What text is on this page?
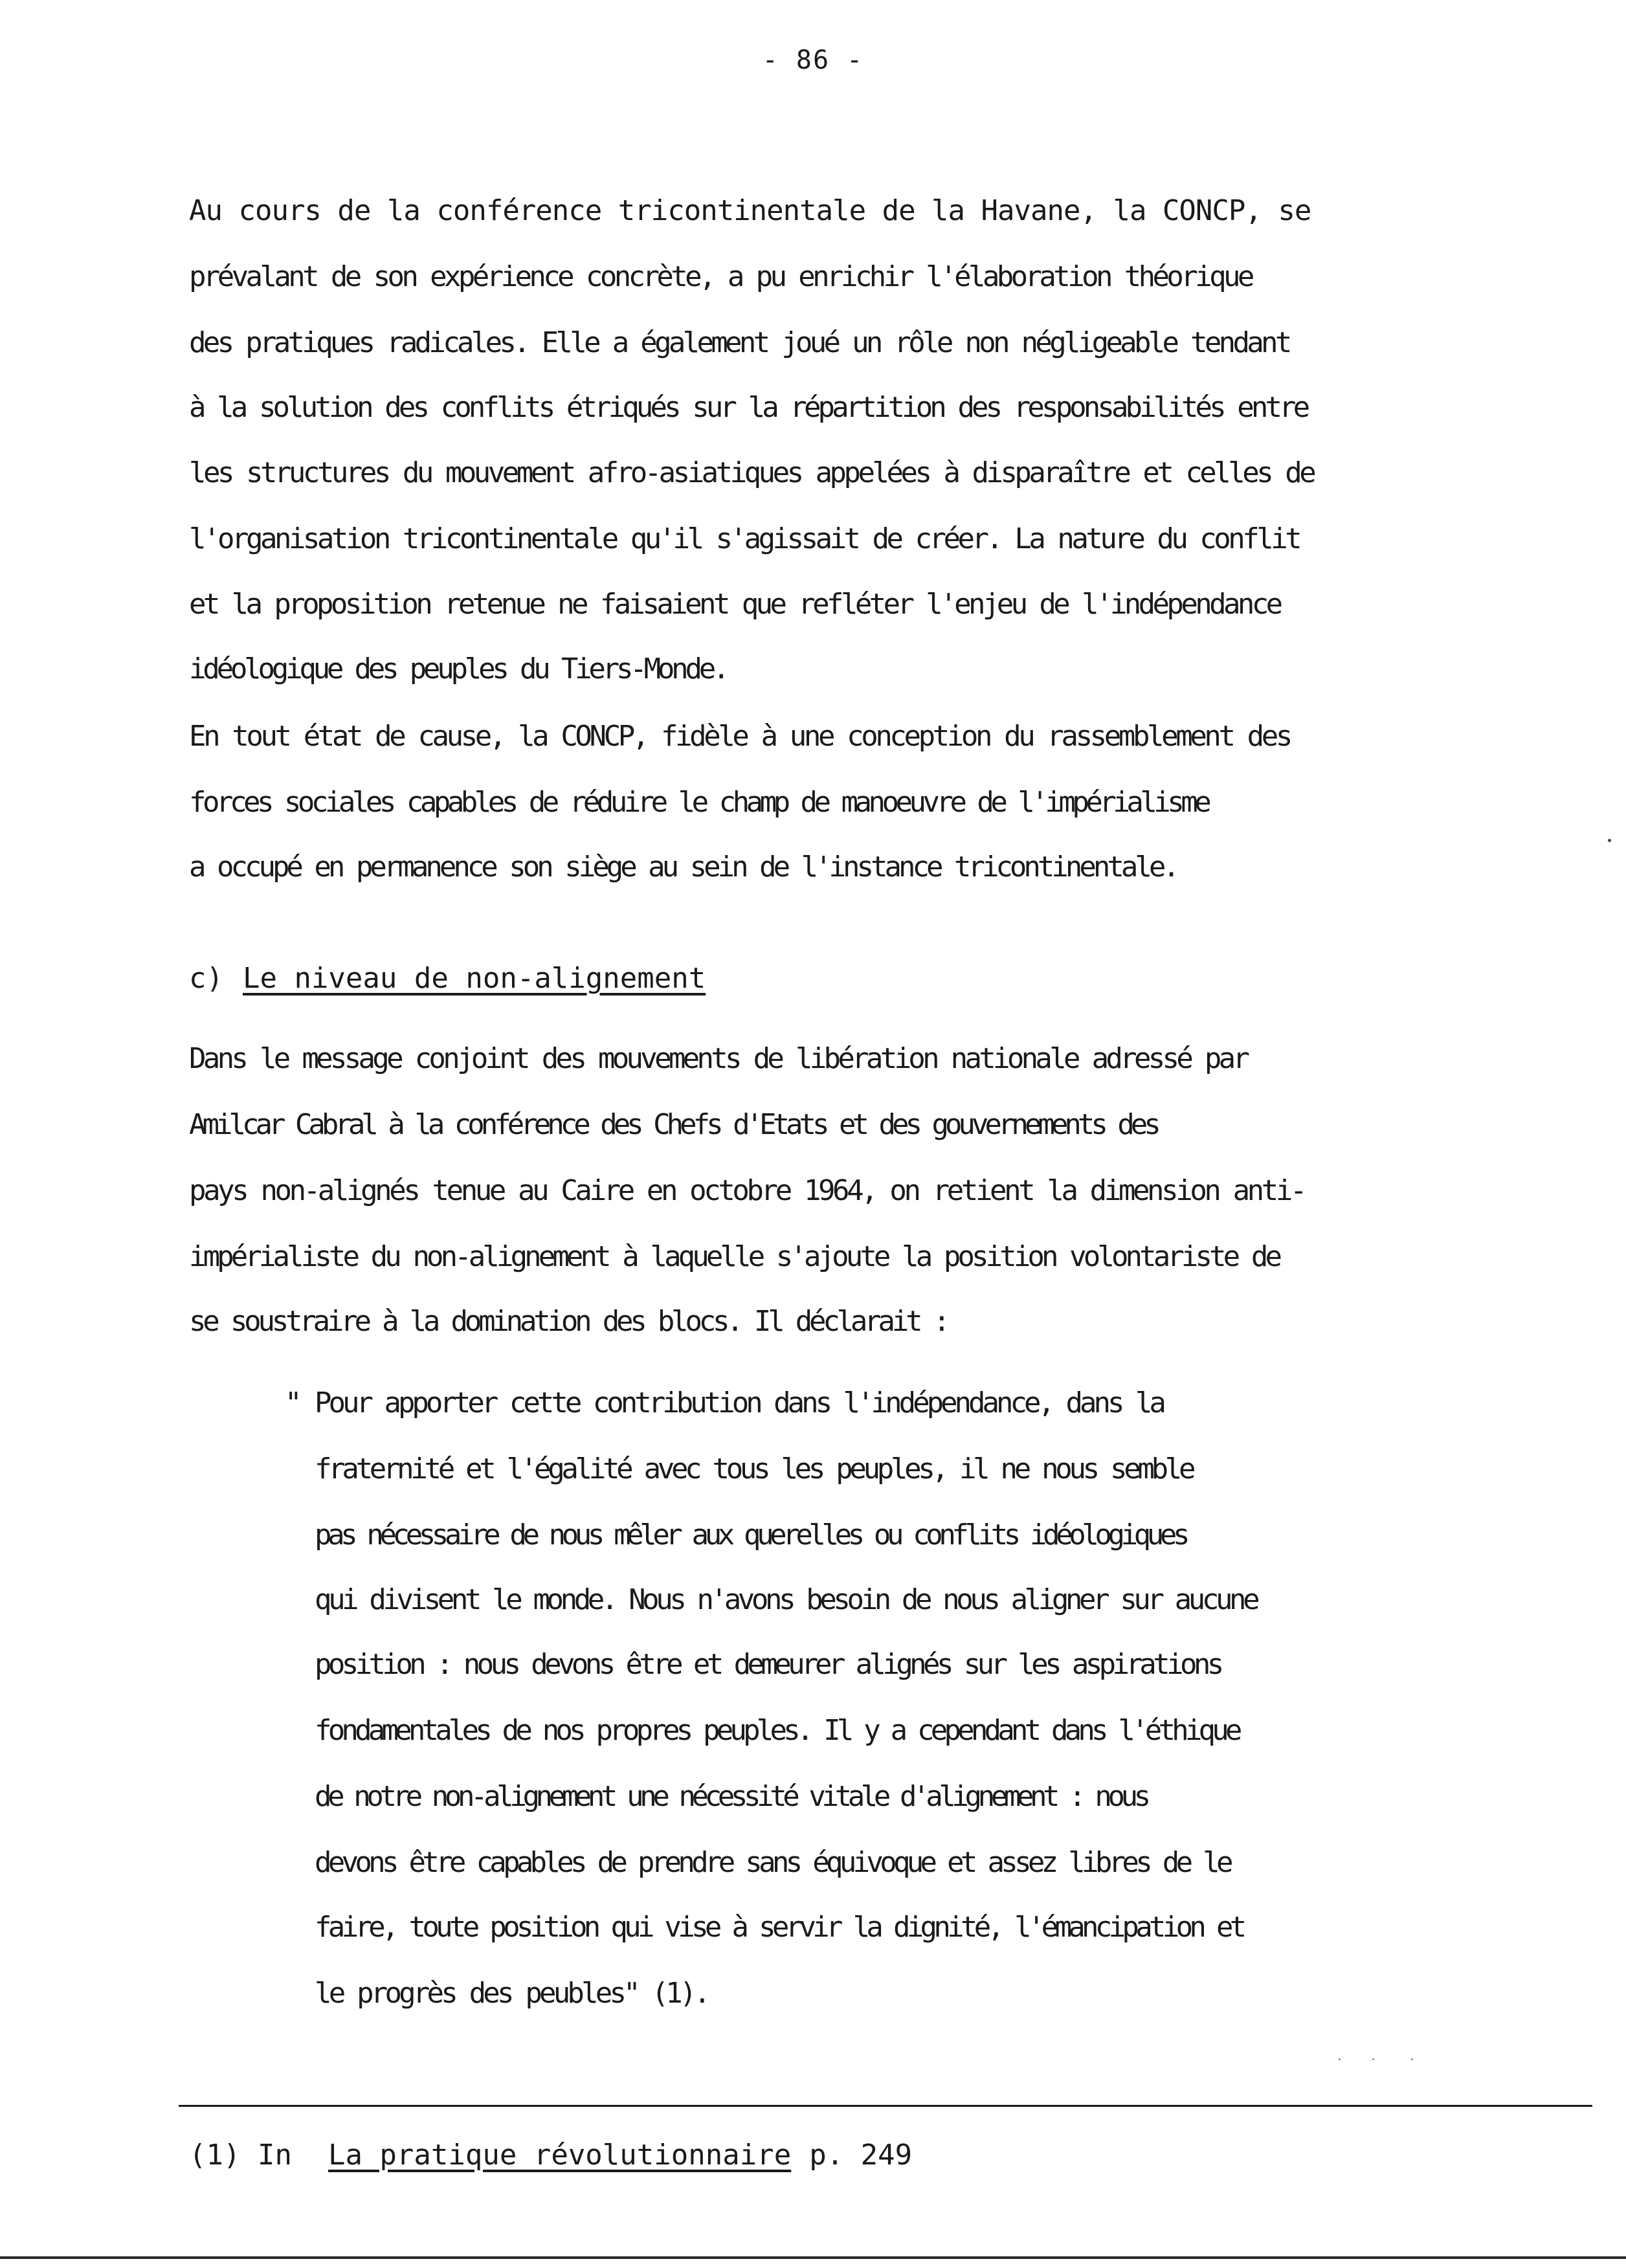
- 86 -
Au cours de la conférence tricontinentale de la Havane, la CONCP, se
prévalant de son expérience concrète, a pu enrichir l'élaboration théorique
des pratiques radicales. Elle a également joué un rôle non négligeable tendant
à la solution des conflits étriqués sur la répartition des responsabilités entre
les structures du mouvement afro-asiatiques appelées à disparaître et celles de
l'organisation tricontinentale qu'il s'agissait de créer. La nature du conflit
et la proposition retenue ne faisaient que refléter l'enjeu de l'indépendance
idéologique des peuples du Tiers-Monde.
En tout état de cause, la CONCP, fidèle à une conception du rassemblement des
forces sociales capables de réduire le champ de manoeuvre de l'impérialisme
a occupé en permanence son siège au sein de l'instance tricontinentale.
c) Le niveau de non-alignement
Dans le message conjoint des mouvements de libération nationale adressé par
Amilcar Cabral à la conférence des Chefs d'Etats et des gouvernements des
pays non-alignés tenue au Caire en octobre 1964, on retient la dimension anti-
impérialiste du non-alignement à laquelle s'ajoute la position volontariste de
se soustraire à la domination des blocs. Il déclarait :
" Pour apporter cette contribution dans l'indépendance, dans la
fraternité et l'égalité avec tous les peuples, il ne nous semble
pas nécessaire de nous mêler aux querelles ou conflits idéologiques
qui divisent le monde. Nous n'avons besoin de nous aligner sur aucune
position : nous devons être et demeurer alignés sur les aspirations
fondamentales de nos propres peuples. Il y a cependant dans l'éthique
de notre non-alignement une nécessité vitale d'alignement : nous
devons être capables de prendre sans équivoque et assez libres de le
faire, toute position qui vise à servir la dignité, l'émancipation et
le progrès des peubles" (1).
(1) In La pratique révolutionnaire p. 249
